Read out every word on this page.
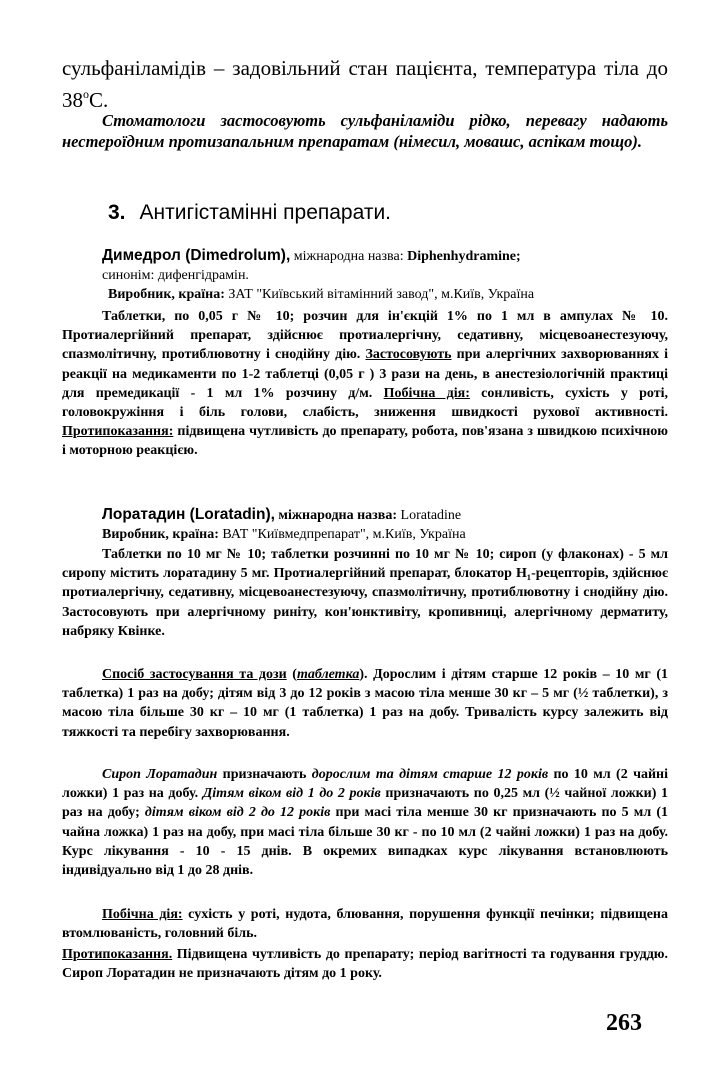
сульфаніламідів – задовільний стан пацієнта, температура тіла до
$38^оС$.
Стоматологи застосовують сульфаніламіди рідко, перевагу надають нестероїдним протизапальним препаратам (німесил, мовашс, аспікам тощо).
3. Антигістамінні препарати.
Димедрол (Dimedrolum), міжнародна назва: Diphenhydramine;
синонім: дифенгідрамін.
Виробник, країна: ЗАТ "Київський вітамінний завод", м.Київ, Україна
Таблетки, по 0,05 г № 10; розчин для ін'єкцій 1% по 1 мл в ампулах № 10. Протиалергійний препарат, здійснює протиалергічну, седативну, місцевоанестезуючу, спазмолітичну, протиблювотну і снодійну дію. Застосовують при алергічних захворюваннях і реакції на медикаменти по 1-2 таблетці (0,05 г ) 3 рази на день, в анестезіологічній практиці для премедикації - 1 мл 1% розчину д/м. Побічна дія: сонливість, сухість у роті, головокружіння і біль голови, слабість, зниження швидкості рухової активності. Протипоказання: підвищена чутливість до препарату, робота, пов'язана з швидкою психічною і моторною реакцією.
Лоратадин (Loratadin), міжнародна назва: Loratadine
Виробник, країна: ВАТ "Київмедпрепарат", м.Київ, Україна
Таблетки по 10 мг № 10; таблетки розчинні по 10 мг № 10; сироп (у флаконах) - 5 мл сиропу містить лоратадину 5 мг. Протиалергійний препарат, блокатор H₁-рецепторів, здійснює протиалергічну, седативну, місцевоанестезуючу, спазмолітичну, протиблювотну і снодійну дію. Застосовують при алергічному риніту, кон'юнктивіту, кропивниці, алергічному дерматиту, набряку Квінке.
Спосіб застосування та дози (таблетка). Дорослим і дітям старше 12 років – 10 мг (1 таблетка) 1 раз на добу; дітям від 3 до 12 років з масою тіла менше 30 кг – 5 мг (½ таблетки), з масою тіла більше 30 кг – 10 мг (1 таблетка) 1 раз на добу. Тривалість курсу залежить від тяжкості та перебігу захворювання.
Сироп Лоратадин призначають дорослим та дітям старше 12 років по 10 мл (2 чайні ложки) 1 раз на добу. Дітям віком від 1 до 2 років призначають по 0,25 мл (½ чайної ложки) 1 раз на добу; дітям віком від 2 до 12 років при масі тіла менше 30 кг призначають по 5 мл (1 чайна ложка) 1 раз на добу, при масі тіла більше 30 кг - по 10 мл (2 чайні ложки) 1 раз на добу. Курс лікування - 10 - 15 днів. В окремих випадках курс лікування встановлюють індивідуально від 1 до 28 днів.
Побічна дія: сухість у роті, нудота, блювання, порушення функції печінки; підвищена втомлюваність, головний біль.
Протипоказання. Підвищена чутливість до препарату; період вагітності та годування груддю. Сироп Лоратадин не призначають дітям до 1 року.
263
